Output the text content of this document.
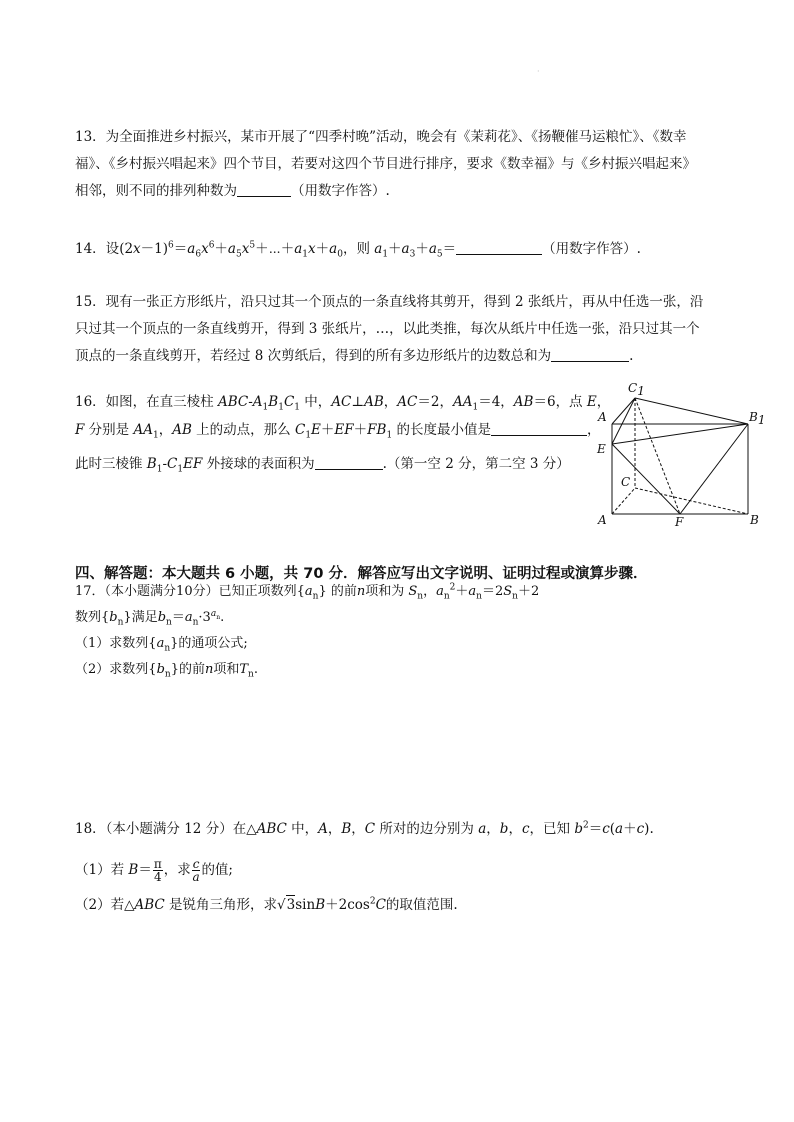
·
13．为全面推进乡村振兴，某市开展了“四季村晚”活动，晚会有《茉莉花》、《扬鞭催马运粮忙》、《数幸
福》、《乡村振兴唱起来》四个节目，若要对这四个节目进行排序，要求《数幸福》与《乡村振兴唱起来》
相邻，则不同的排列种数为	（用数字作答）.
14．设$(2x-1)^6=a_6x^6+a_5x^5+\cdots+a_1x+a_0$，则 $a_1+a_3+a_5=$	（用数字作答）.
15．现有一张正方形纸片，沿只过其一个顶点的一条直线将其剪开，得到 2 张纸片，再从中任选一张，沿
只过其一个顶点的一条直线剪开，得到 3 张纸片，…，以此类推，每次从纸片中任选一张，沿只过其一个
顶点的一条直线剪开，若经过 8 次剪纸后，得到的所有多边形纸片的边数总和为	.
16．如图，在直三棱柱 ABC-$A_1B_1C_1$ 中，AC⊥AB，AC＝2，$AA_1=4$，AB＝6，点 E，
F 分别是 $AA_1$，AB 上的动点，那么 $C_1E+EF+FB_1$ 的长度最小值是	，
此时三棱锥 $B_1-C_1EF$ 外接球的表面积为	.（第一空 2 分，第二空 3 分）
C1
A	B1
E
C
A	F	B
四、解答题：本大题共 6 小题，共 70 分．解答应写出文字说明、证明过程或演算步骤．
17．（本小题满分10分）已知正项数列$\{a_n\}$ 的前n项和为 $S_n$，$a_n^2+a_n=2S_n+2$
数列$\{b_n\}$满足$b_n=a_n\cdot 3^{a_n}$.
（1）求数列$\{a_n\}$的通项公式;
（2）求数列$\{b_n\}$的前n项和$T_n$.
18．（本小题满分 12 分）在△ABC 中，A，B，C 所对的边分别为 a，b，c，已知 $b^2=c(a+c)$.
（1）若 $B= \frac{\pi}{4}$ ，求 $\frac{c}{a}$ 的值;
（2）若△ABC 是锐角三角形，求$√3\sin B+2\cos^2C$的取值范围.
